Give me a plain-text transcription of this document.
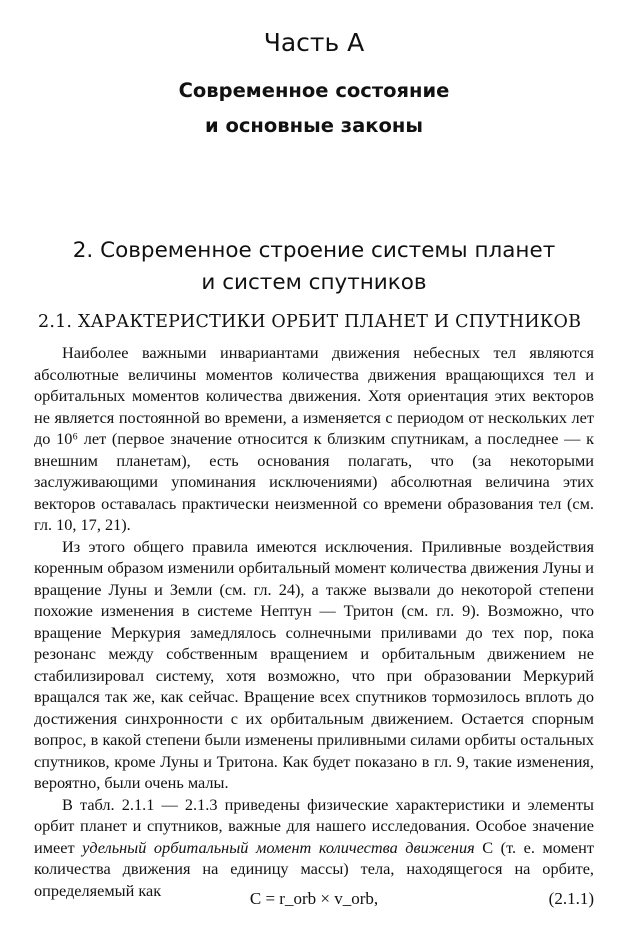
Часть А
Современное состояние
и основные законы
2. Современное строение системы планет
и систем спутников
2.1. ХАРАКТЕРИСТИКИ ОРБИТ ПЛАНЕТ И СПУТНИКОВ

Наиболее важными инвариантами движения небесных тел являются абсолютные величины моментов количества движения вращающихся тел и орбитальных моментов количества движения. Хотя ориентация этих векторов не является постоянной во времени, а изменяется с периодом от нескольких лет до 10⁶ лет (первое значение относится к близким спутникам, а последнее — к внешним планетам), есть основания полагать, что (за некоторыми заслуживающими упоминания исключениями) абсолютная величина этих векторов оставалась практически неизменной со времени образования тел (см. гл. 10, 17, 21).

Из этого общего правила имеются исключения. Приливные воздействия коренным образом изменили орбитальный момент количества движения Луны и вращение Луны и Земли (см. гл. 24), а также вызвали до некоторой степени похожие изменения в системе Нептун — Тритон (см. гл. 9). Возможно, что вращение Меркурия замедлялось солнечными приливами до тех пор, пока резонанс между собственным вращением и орбитальным движением не стабилизировал систему, хотя возможно, что при образовании Меркурий вращался так же, как сейчас. Вращение всех спутников тормозилось вплоть до достижения синхронности с их орбитальным движением. Остается спорным вопрос, в какой степени были изменены приливными силами орбиты остальных спутников, кроме Луны и Тритона. Как будет показано в гл. 9, такие изменения, вероятно, были очень малы.

В табл. 2.1.1 — 2.1.3 приведены физические характеристики и элементы орбит планет и спутников, важные для нашего исследования. Особое значение имеет удельный орбитальный момент количества движения C (т. е. момент количества движения на единицу массы) тела, находящегося на орбите, определяемый как	C = r_orb × v_orb,	(2.1.1)
